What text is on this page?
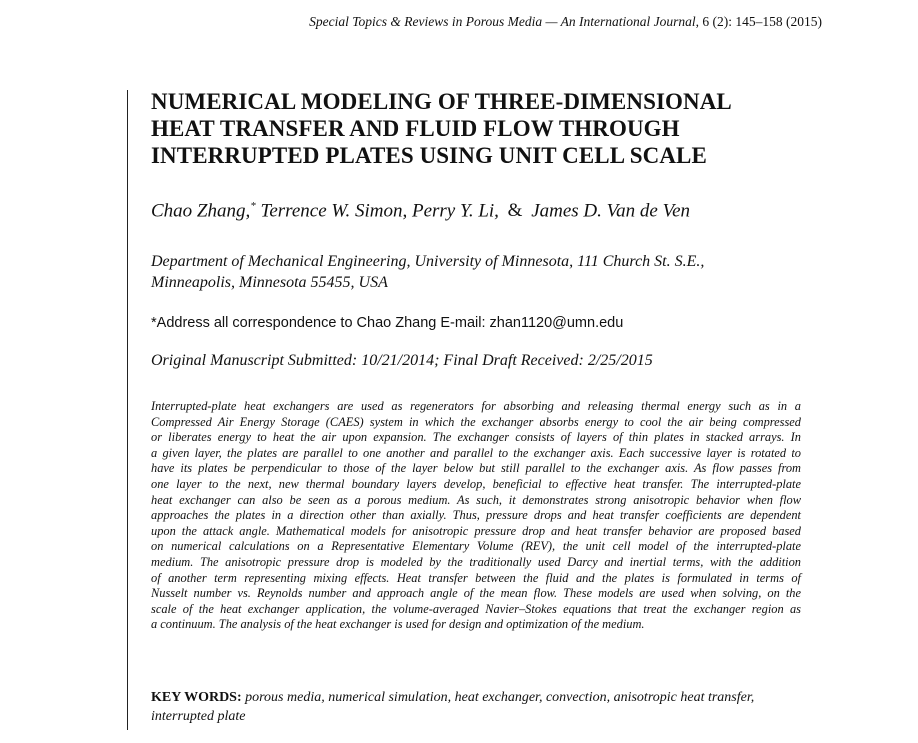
Special Topics & Reviews in Porous Media — An International Journal, 6 (2): 145–158 (2015)
NUMERICAL MODELING OF THREE-DIMENSIONAL
HEAT TRANSFER AND FLUID FLOW THROUGH
INTERRUPTED PLATES USING UNIT CELL SCALE
Chao Zhang,* Terrence W. Simon, Perry Y. Li, & James D. Van de Ven
Department of Mechanical Engineering, University of Minnesota, 111 Church St. S.E.,
Minneapolis, Minnesota 55455, USA
*Address all correspondence to Chao Zhang E-mail: zhan1120@umn.edu
Original Manuscript Submitted: 10/21/2014; Final Draft Received: 2/25/2015
Interrupted-plate heat exchangers are used as regenerators for absorbing and releasing thermal energy such as in a
Compressed Air Energy Storage (CAES) system in which the exchanger absorbs energy to cool the air being compressed
or liberates energy to heat the air upon expansion. The exchanger consists of layers of thin plates in stacked arrays. In
a given layer, the plates are parallel to one another and parallel to the exchanger axis. Each successive layer is rotated to
have its plates be perpendicular to those of the layer below but still parallel to the exchanger axis. As flow passes from
one layer to the next, new thermal boundary layers develop, beneficial to effective heat transfer. The interrupted-plate
heat exchanger can also be seen as a porous medium. As such, it demonstrates strong anisotropic behavior when flow
approaches the plates in a direction other than axially. Thus, pressure drops and heat transfer coefficients are dependent
upon the attack angle. Mathematical models for anisotropic pressure drop and heat transfer behavior are proposed based
on numerical calculations on a Representative Elementary Volume (REV), the unit cell model of the interrupted-plate
medium. The anisotropic pressure drop is modeled by the traditionally used Darcy and inertial terms, with the addition
of another term representing mixing effects. Heat transfer between the fluid and the plates is formulated in terms of
Nusselt number vs. Reynolds number and approach angle of the mean flow. These models are used when solving, on the
scale of the heat exchanger application, the volume-averaged Navier–Stokes equations that treat the exchanger region as
a continuum. The analysis of the heat exchanger is used for design and optimization of the medium.
KEY WORDS: porous media, numerical simulation, heat exchanger, convection, anisotropic heat transfer,
interrupted plate
